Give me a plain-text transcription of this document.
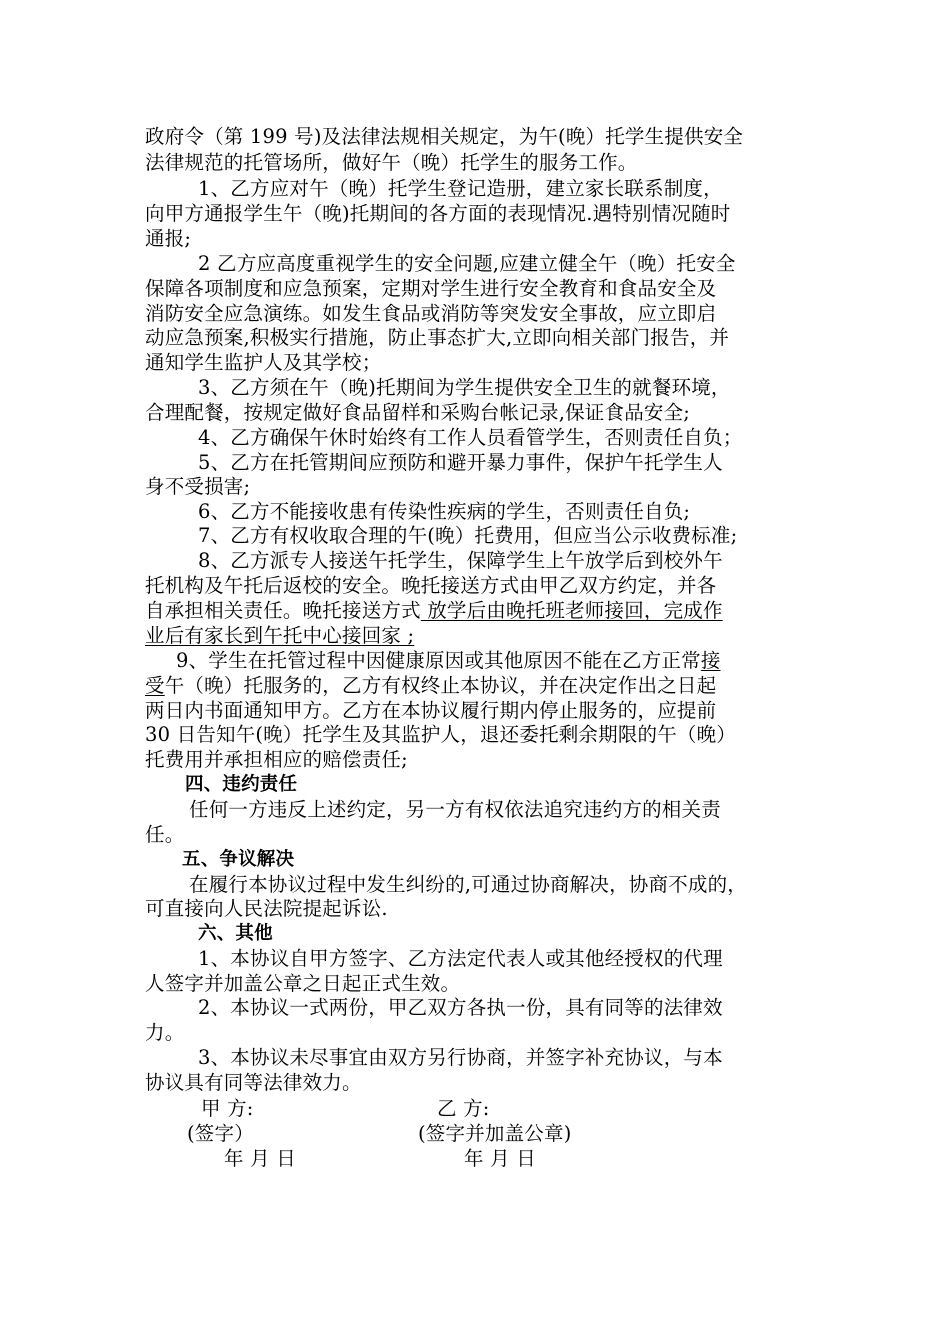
政府令（第 199 号)及法律法规相关规定，为午(晚）托学生提供安全
法律规范的托管场所，做好午（晚）托学生的服务工作。
1、乙方应对午（晚）托学生登记造册，建立家长联系制度，
向甲方通报学生午（晚)托期间的各方面的表现情况.遇特别情况随时
通报;
2 乙方应高度重视学生的安全问题,应建立健全午（晚）托安全
保障各项制度和应急预案，定期对学生进行安全教育和食品安全及
消防安全应急演练。如发生食品或消防等突发安全事故，应立即启
动应急预案,积极实行措施，防止事态扩大,立即向相关部门报告，并
通知学生监护人及其学校；
3、乙方须在午（晚)托期间为学生提供安全卫生的就餐环境，
合理配餐，按规定做好食品留样和采购台帐记录,保证食品安全;
4、乙方确保午休时始终有工作人员看管学生，否则责任自负；
5、乙方在托管期间应预防和避开暴力事件，保护午托学生人
身不受损害;
6、乙方不能接收患有传染性疾病的学生，否则责任自负;
7、乙方有权收取合理的午(晚）托费用，但应当公示收费标准;
8、乙方派专人接送午托学生，保障学生上午放学后到校外午
托机构及午托后返校的安全。晚托接送方式由甲乙双方约定，并各
自承担相关责任。晚托接送方式 放学后由晚托班老师接回，完成作
业后有家长到午托中心接回家 ;
9、学生在托管过程中因健康原因或其他原因不能在乙方正常接
受午（晚）托服务的，乙方有权终止本协议，并在决定作出之日起
两日内书面通知甲方。乙方在本协议履行期内停止服务的，应提前
30 日告知午(晚）托学生及其监护人，退还委托剩余期限的午（晚）
托费用并承担相应的赔偿责任;
四、违约责任
任何一方违反上述约定，另一方有权依法追究违约方的相关责
任。
五、争议解决
在履行本协议过程中发生纠纷的,可通过协商解决，协商不成的，
可直接向人民法院提起诉讼.
六、其他
1、本协议自甲方签字、乙方法定代表人或其他经授权的代理
人签字并加盖公章之日起正式生效。
2、本协议一式两份，甲乙双方各执一份，具有同等的法律效
力。
3、本协议未尽事宜由双方另行协商，并签字补充协议，与本
协议具有同等法律效力。
甲 方:	乙 方:
(签字）	(签字并加盖公章)
年 月 日	年 月 日
